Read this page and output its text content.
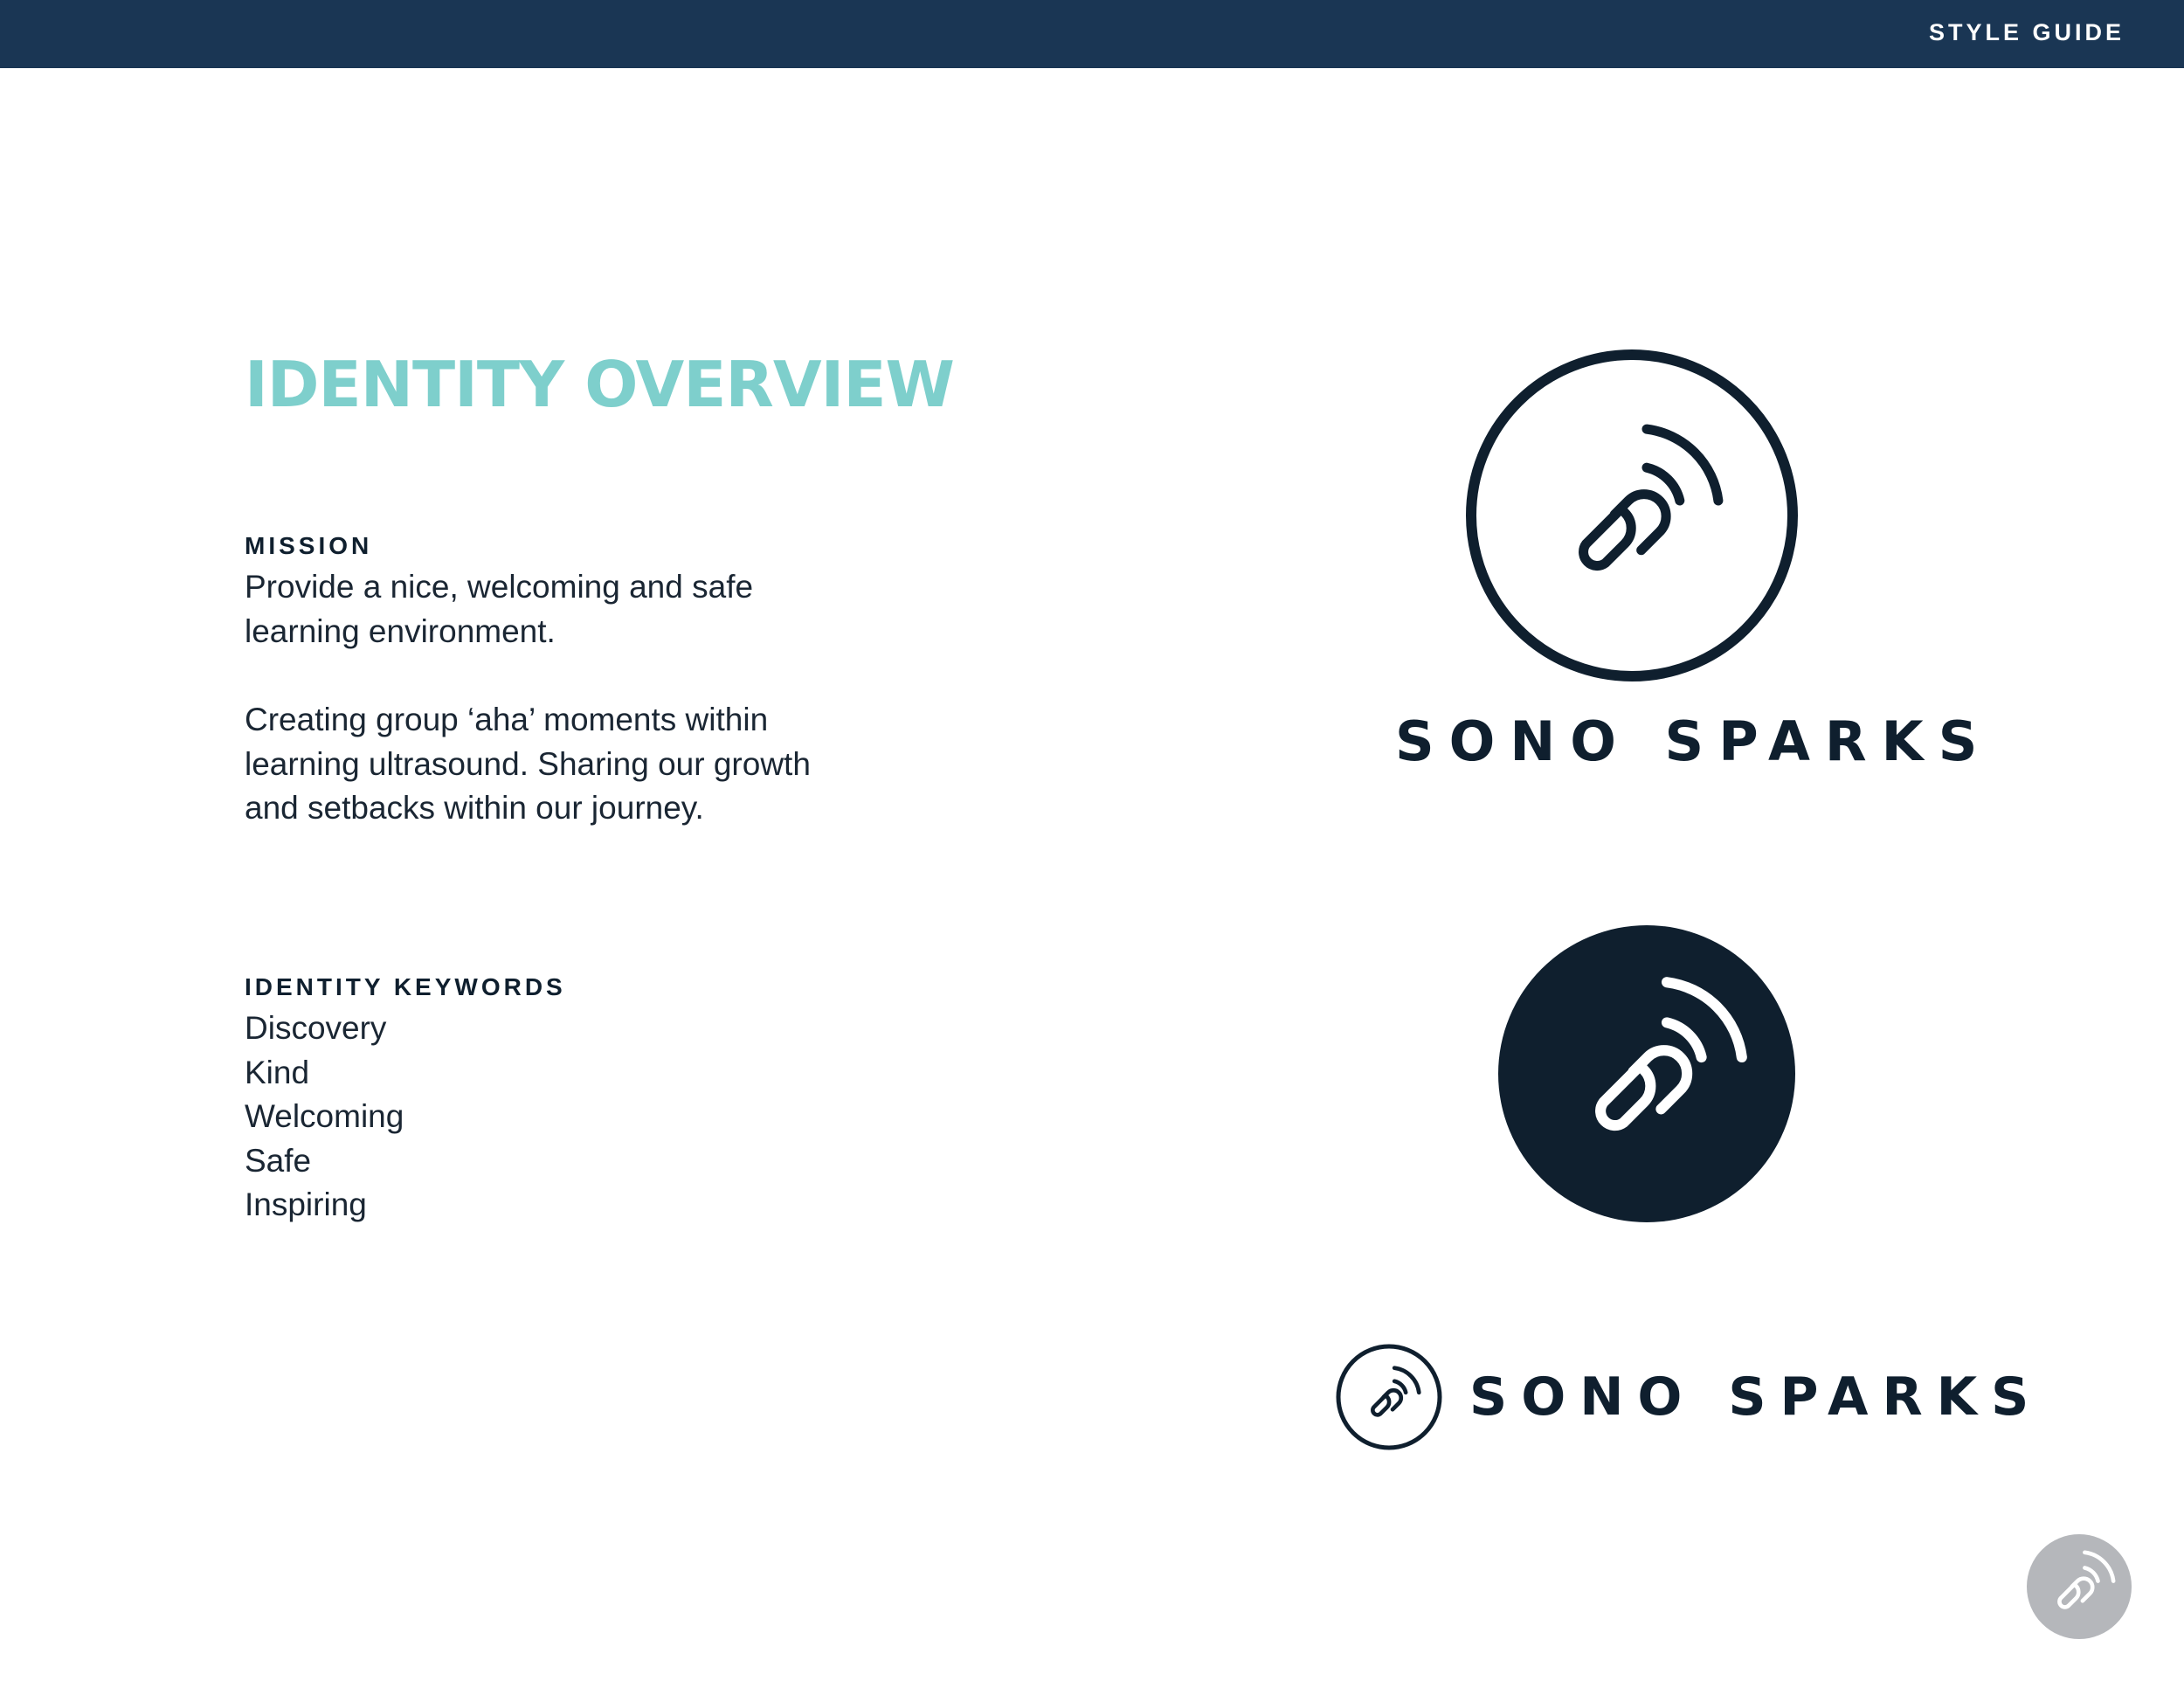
STYLE GUIDE
IDENTITY OVERVIEW
MISSION

Provide a nice, welcoming and safe learning environment.

Creating group ‘aha’ moments within learning ultrasound. Sharing our growth and setbacks within our journey.

IDENTITY KEYWORDS
Discovery
Kind
Welcoming
Safe
Inspiring
SONO SPARKS
SONO SPARKS
